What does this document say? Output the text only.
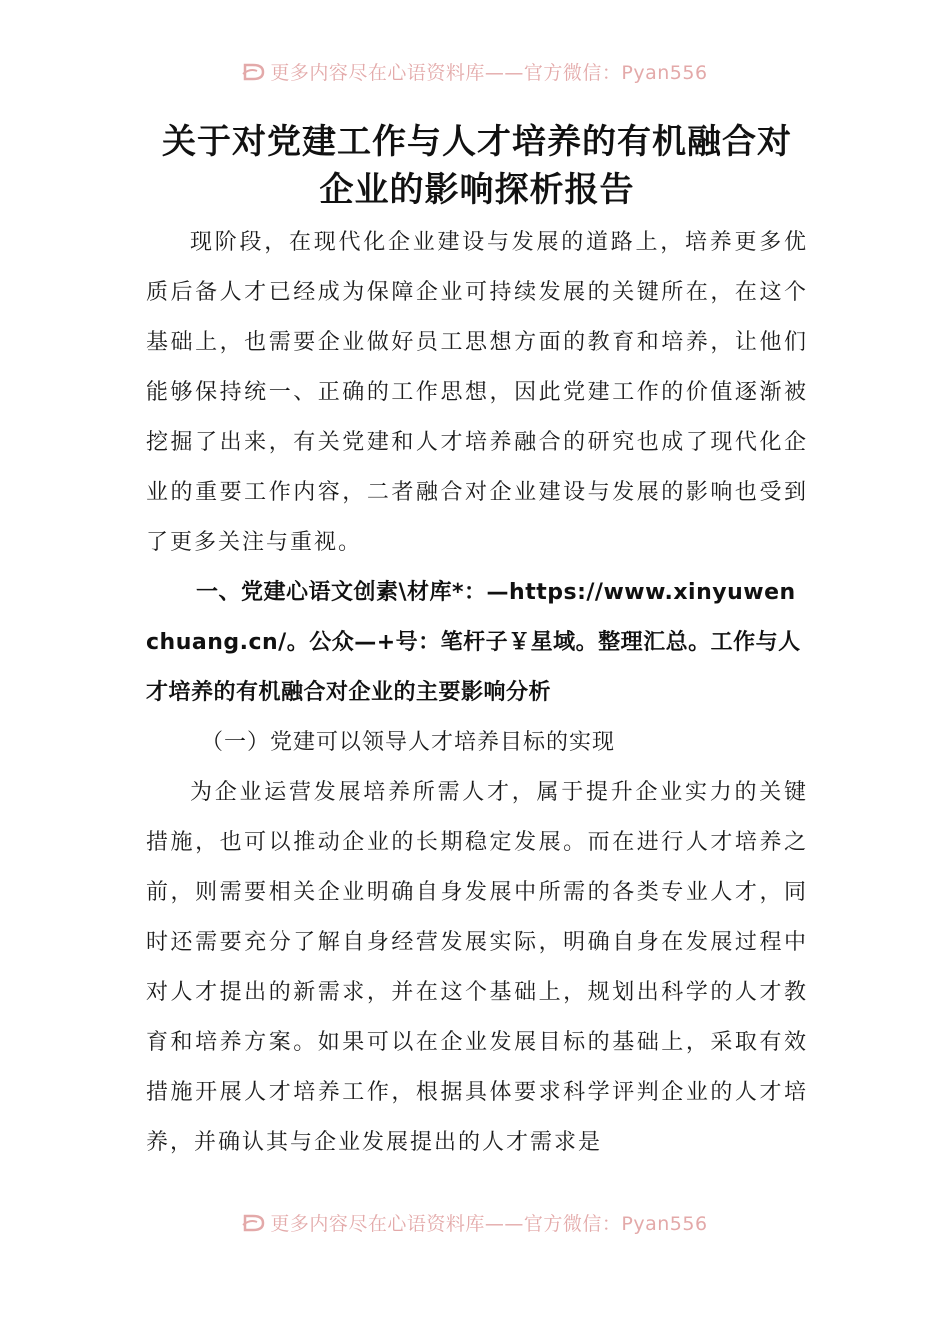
更多内容尽在心语资料库——官方微信：Pyan556
关于对党建工作与人才培养的有机融合对
企业的影响探析报告

现阶段，在现代化企业建设与发展的道路上，培养更多优质后备人才已经成为保障企业可持续发展的关键所在，在这个基础上，也需要企业做好员工思想方面的教育和培养，让他们能够保持统一、正确的工作思想，因此党建工作的价值逐渐被挖掘了出来，有关党建和人才培养融合的研究也成了现代化企业的重要工作内容，二者融合对企业建设与发展的影响也受到了更多关注与重视。

一、党建心语文创素\材库*：—https://www.xinyuwenchuang.cn/。公众—+号：笔杆子￥星域。整理汇总。工作与人才培养的有机融合对企业的主要影响分析

（一）党建可以领导人才培养目标的实现

为企业运营发展培养所需人才，属于提升企业实力的关键措施，也可以推动企业的长期稳定发展。而在进行人才培养之前，则需要相关企业明确自身发展中所需的各类专业人才，同时还需要充分了解自身经营发展实际，明确自身在发展过程中对人才提出的新需求，并在这个基础上，规划出科学的人才教育和培养方案。如果可以在企业发展目标的基础上，采取有效措施开展人才培养工作，根据具体要求科学评判企业的人才培养，并确认其与企业发展提出的人才需求是

更多内容尽在心语资料库——官方微信：Pyan556
